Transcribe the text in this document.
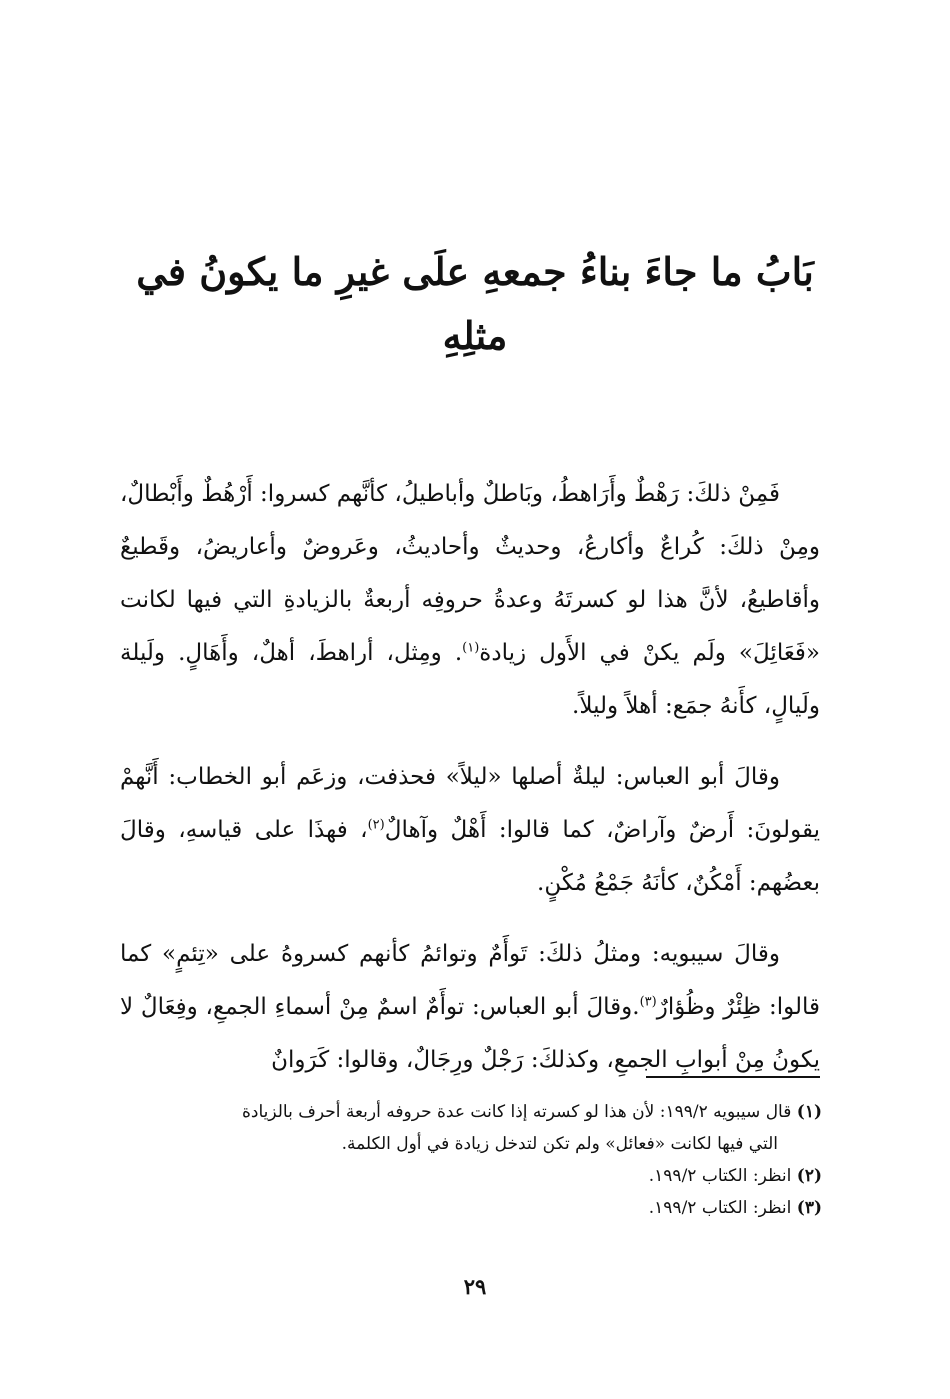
بَابُ ما جاءَ بناءُ جمعهِ علَى غيرِ ما يكونُ في مثلِهِ

فَمِنْ ذلكَ: رَهْطٌ وأَرَاهطُ، وبَاطلٌ وأباطيلُ، كأنَّهم كسروا: أَرْهُطٌ وأَبْطالٌ، ومِنْ ذلكَ: كُراعٌ وأكارعُ، وحديثٌ وأحاديثُ، وعَروضٌ وأعاريضُ، وقَطيعٌ وأقاطيعُ، لأنَّ هذا لو كسرتَهُ وعدةُ حروفِه أربعةٌ بالزيادةِ التي فيها لكانت «فَعَائِلَ» ولَم يكنْ في الأَول زيادة$^{(١)}$. ومِثل، أراهطَ، أهلٌ، وأَهَالٍ. ولَيلة ولَيالٍ، كأَنهُ جمَع: أهلاً وليلاً.

وقالَ أبو العباس: ليلةٌ أصلها «ليلاً» فحذفت، وزعَم أبو الخطاب: أَنَّهمْ يقولونَ: أَرضٌ وآراضٌ، كما قالوا: أَهْلٌ وآهالٌ$^{(٢)}$، فهذَا على قياسهِ، وقالَ بعضُهم: أَمْكُنٌ، كأنَهُ جَمْعُ مُكْنٍ.

وقالَ سيبويه: ومثلُ ذلكَ: تَوأَمٌ وتوائمُ كأنهم كسروهُ على «تِئمٍ» كما قالوا: ظِئْرٌ وظُؤارٌ$^{(٣)}$.وقالَ أبو العباس: توأَمٌ اسمٌ مِنْ أسماءِ الجمعِ، وفِعَالٌ لا يكونُ مِنْ أبوابِ الجمعِ، وكذلكَ: رَجْلٌ ورِجَالٌ، وقالوا: كَرَوانٌ

(١) قال سيبويه ١٩٩/٢: لأن هذا لو كسرته إذا كانت عدة حروفه أربعة أحرف بالزيادة
التي فيها لكانت «فعائل» ولم تكن لتدخل زيادة في أول الكلمة.
(٢) انظر: الكتاب ١٩٩/٢.
(٣) انظر: الكتاب ١٩٩/٢.
٢٩
